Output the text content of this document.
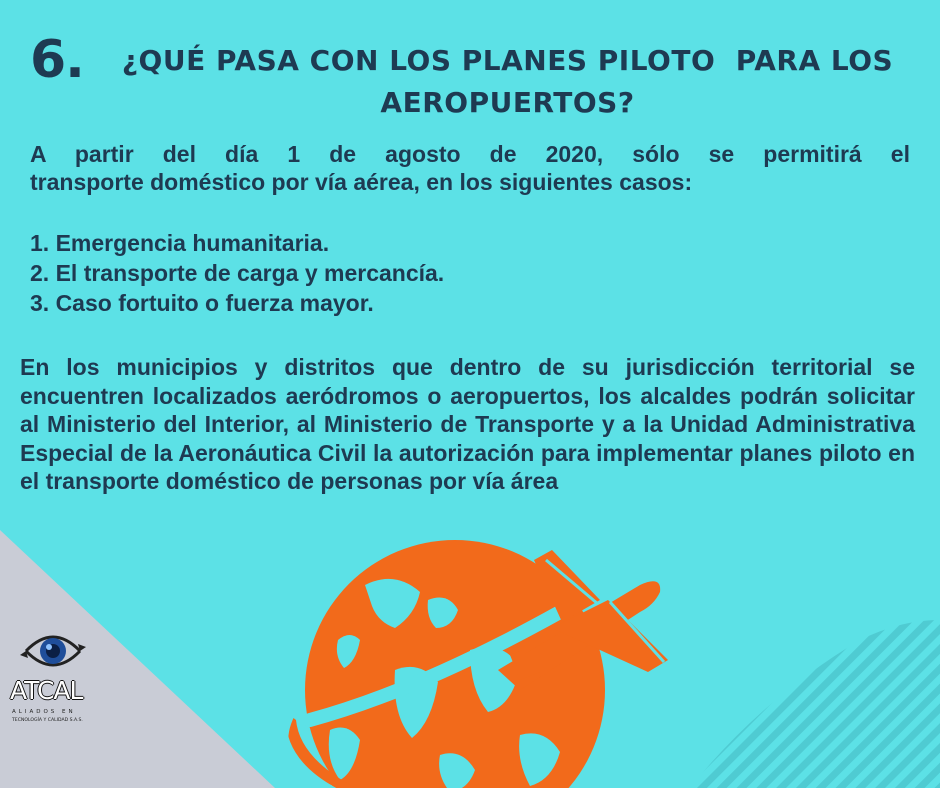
6.	¿QUÉ PASA CON LOS PLANES PILOTO  PARA LOS
AEROPUERTOS?
A partir del día 1 de agosto de 2020, sólo se permitirá el
transporte doméstico por vía aérea, en los siguientes casos:
1. Emergencia humanitaria.
2. El transporte de carga y mercancía.
3. Caso fortuito o fuerza mayor.
En los municipios y distritos que dentro de su jurisdicción territorial se encuentren localizados aeródromos o aeropuertos, los alcaldes podrán solicitar al Ministerio del Interior, al Ministerio de Transporte y a la Unidad Administrativa Especial de la Aeronáutica Civil la autorización para implementar planes piloto en el transporte doméstico de personas por vía área
ATCAL
ALIADOS EN
TECNOLOGÍA Y CALIDAD S.A.S.
